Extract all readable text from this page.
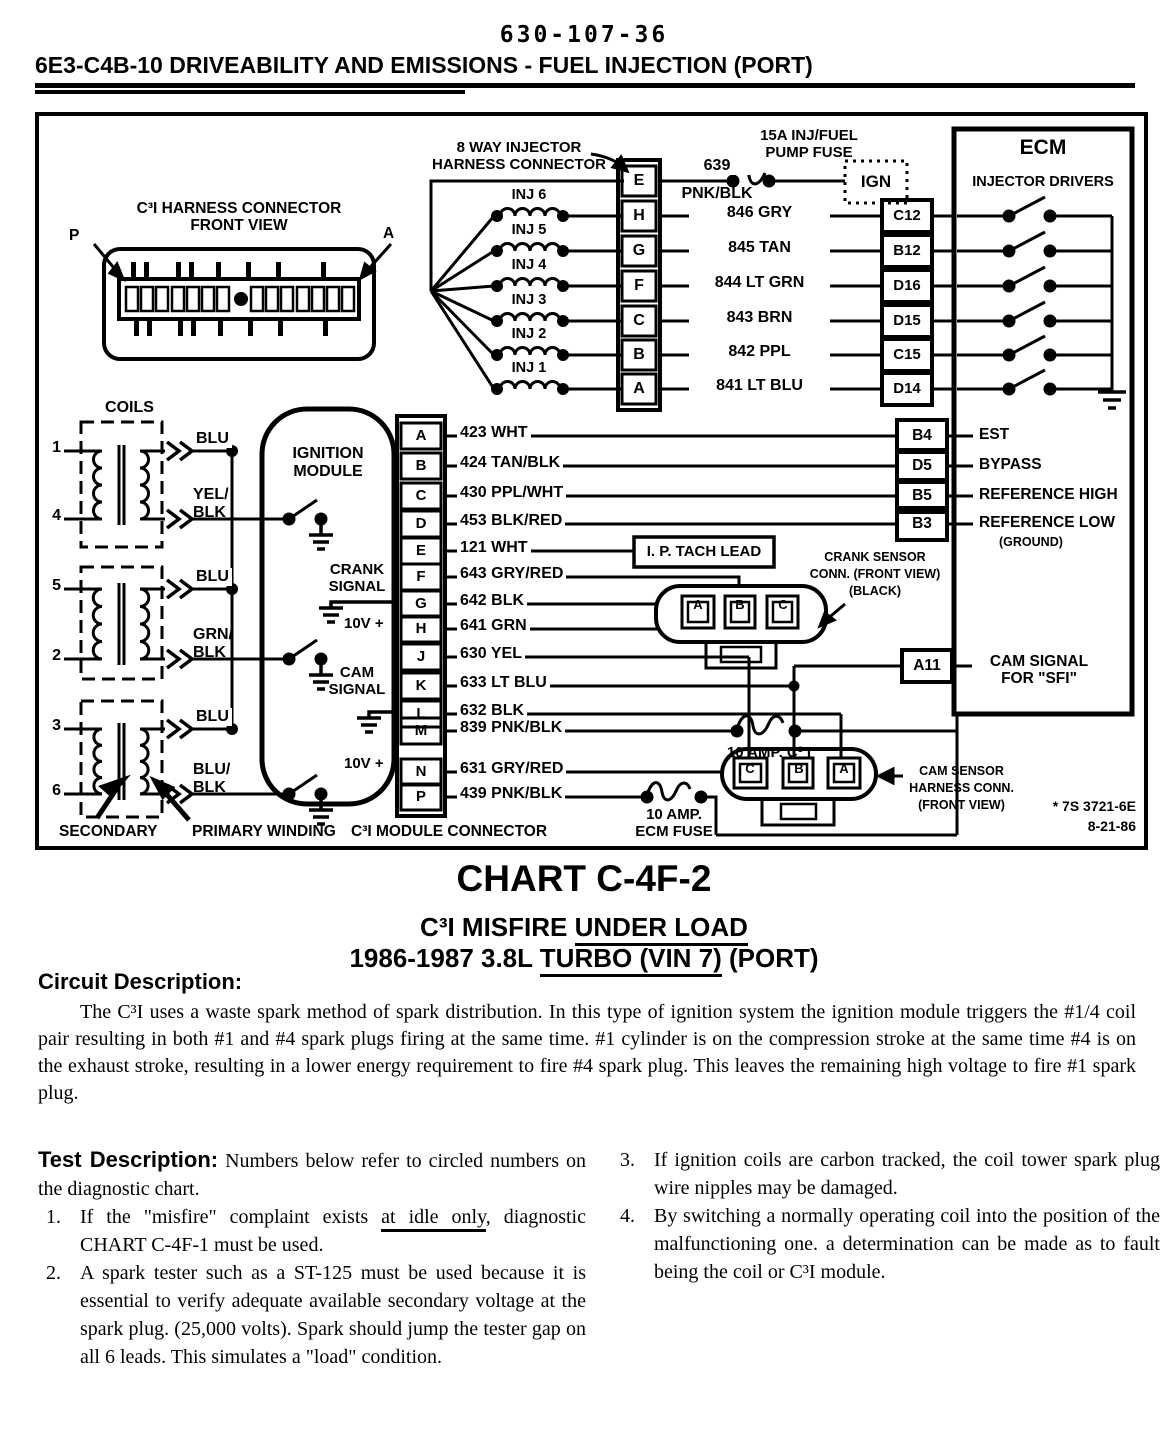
630-107-36
6E3-C4B-10 DRIVEABILITY AND EMISSIONS - FUEL INJECTION (PORT)
8 WAY INJECTOR
HARNESS CONNECTOR
15A INJ/FUEL
PUMP FUSE
639
PNK/BLK
IGN
ECM
INJECTOR DRIVERS
E
H
G
F
C
B
A
INJ 6
INJ 5
INJ 4
INJ 3
INJ 2
INJ 1
846 GRY
845 TAN
844 LT GRN
843 BRN
842 PPL
841 LT BLU
C12
B12
D16
D15
C15
D14
C³I HARNESS CONNECTOR
FRONT VIEW
P	A
COILS
1
4
5
2
3
6
BLU
YEL/
BLK
BLU
GRN/
BLK
BLU
BLU/
BLK
IGNITION
MODULE
CRANK
SIGNAL
10V +
CAM
SIGNAL
10V +
A
B
C
D
E
F
G
H
J
K
L
M
N
P
423 WHT
424 TAN/BLK
430 PPL/WHT
453 BLK/RED
121 WHT
643 GRY/RED
642 BLK
641 GRN
630 YEL
633 LT BLU
632 BLK
839 PNK/BLK
631 GRY/RED
439 PNK/BLK
I. P. TACH LEAD
B4
D5
B5
B3
EST
BYPASS
REFERENCE HIGH
REFERENCE LOW
(GROUND)
A11	CAM SIGNAL
FOR "SFI"
CRANK SENSOR
CONN. (FRONT VIEW)
(BLACK)
A	B	C
CAM SENSOR
HARNESS CONN.
(FRONT VIEW)
C	B	A
10 AMP. C³ I
10 AMP.
ECM FUSE
* 7S 3721-6E
8-21-86
SECONDARY PRIMARY WINDING C³I MODULE CONNECTOR
CHART C-4F-2
C³I MISFIRE UNDER LOAD
1986-1987 3.8L TURBO (VIN 7) (PORT)
Circuit Description:
The C³I uses a waste spark method of spark distribution. In this type of ignition system the ignition module triggers the #1/4 coil pair resulting in both #1 and #4 spark plugs firing at the same time. #1 cylinder is on the compression stroke at the same time #4 is on the exhaust stroke, resulting in a lower energy requirement to fire #4 spark plug. This leaves the remaining high voltage to fire #1 spark plug.
Test Description: Numbers below refer to circled numbers on the diagnostic chart.
1. If the "misfire" complaint exists at idle only, diagnostic CHART C-4F-1 must be used.
2. A spark tester such as a ST-125 must be used because it is essential to verify adequate available secondary voltage at the spark plug. (25,000 volts). Spark should jump the tester gap on all 6 leads. This simulates a "load" condition.
3. If ignition coils are carbon tracked, the coil tower spark plug wire nipples may be damaged.
4. By switching a normally operating coil into the position of the malfunctioning one. a determination can be made as to fault being the coil or C³I module.
